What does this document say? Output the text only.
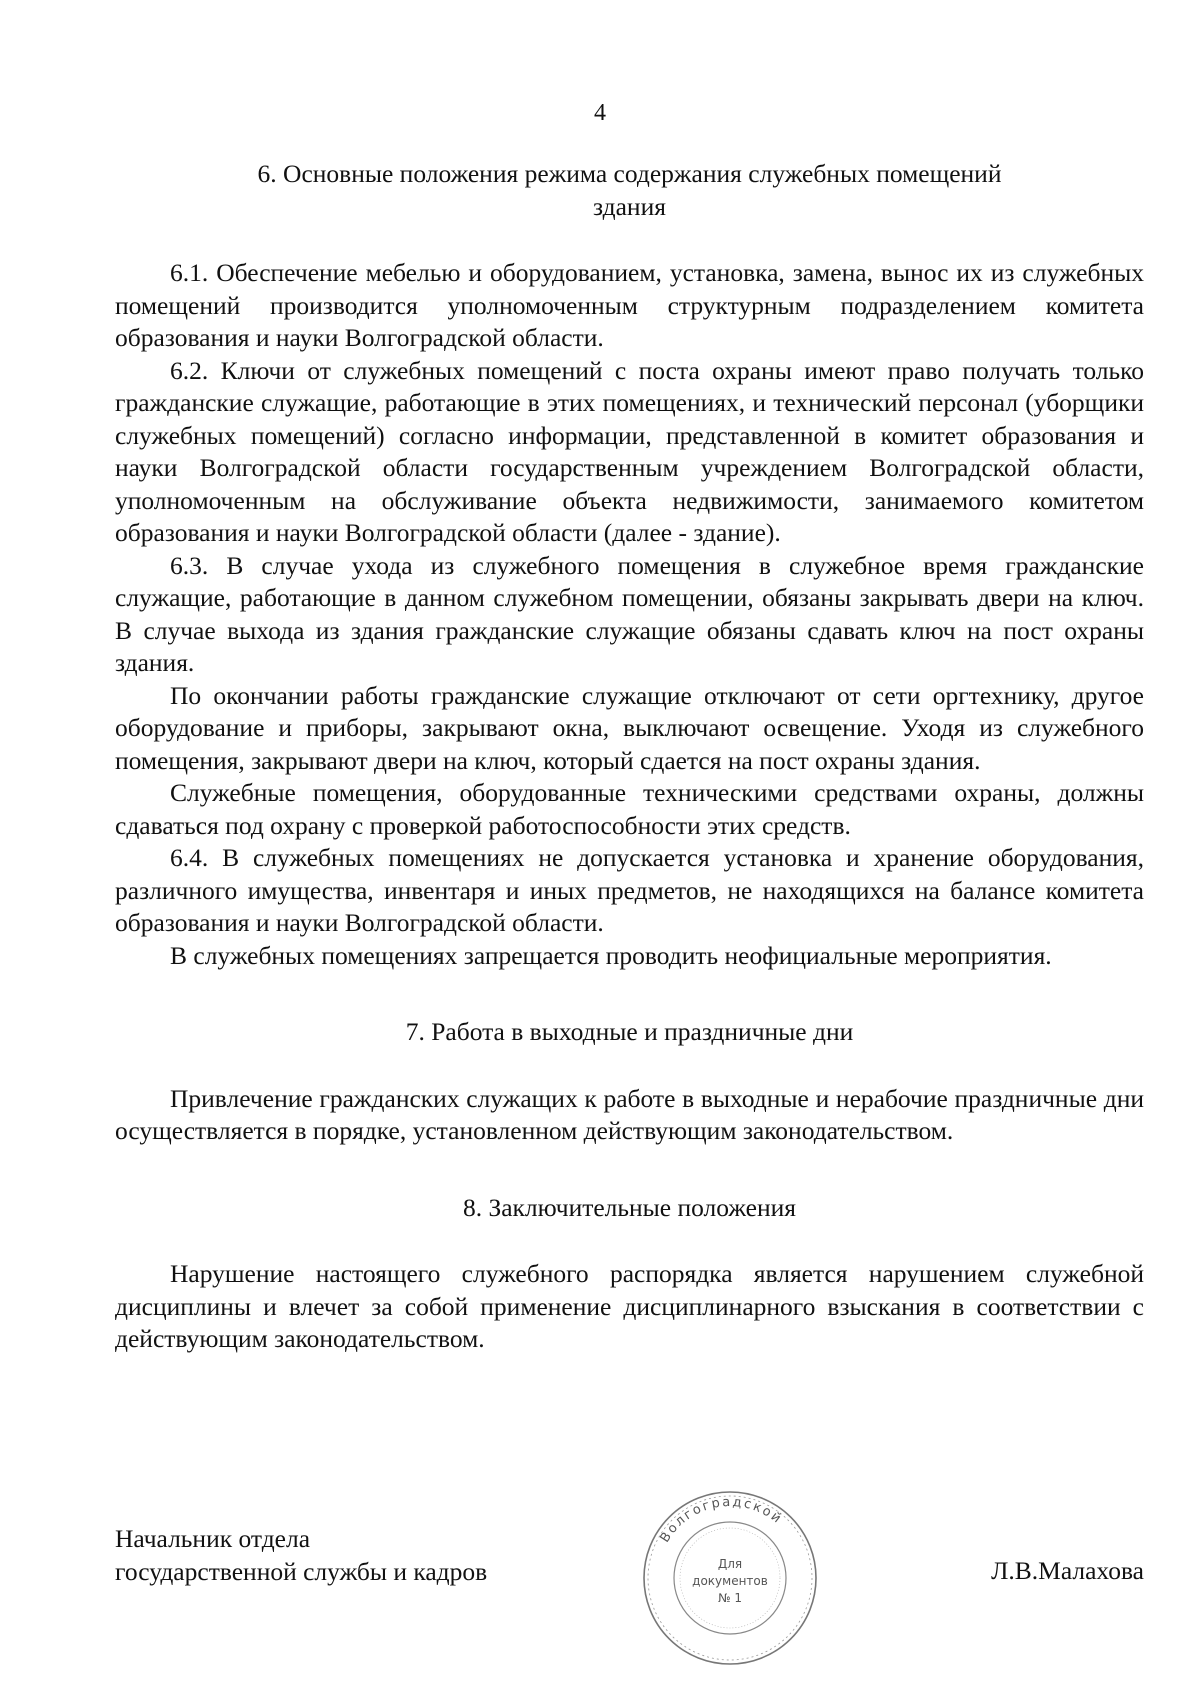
4
6. Основные положения режима содержания служебных помещений
здания

6.1. Обеспечение мебелью и оборудованием, установка, замена, вынос их из служебных помещений производится уполномоченным структурным подразделением комитета образования и науки Волгоградской области.

6.2. Ключи от служебных помещений с поста охраны имеют право получать только гражданские служащие, работающие в этих помещениях, и технический персонал (уборщики служебных помещений) согласно информации, представленной в комитет образования и науки Волгоградской области государственным учреждением Волгоградской области, уполномоченным на обслуживание объекта недвижимости, занимаемого комитетом образования и науки Волгоградской области (далее - здание).

6.3. В случае ухода из служебного помещения в служебное время гражданские служащие, работающие в данном служебном помещении, обязаны закрывать двери на ключ. В случае выхода из здания гражданские служащие обязаны сдавать ключ на пост охраны здания.

По окончании работы гражданские служащие отключают от сети оргтехнику, другое оборудование и приборы, закрывают окна, выключают освещение. Уходя из служебного помещения, закрывают двери на ключ, который сдается на пост охраны здания.

Служебные помещения, оборудованные техническими средствами охраны, должны сдаваться под охрану с проверкой работоспособности этих средств.

6.4. В служебных помещениях не допускается установка и хранение оборудования, различного имущества, инвентаря и иных предметов, не находящихся на балансе комитета образования и науки Волгоградской области.

В служебных помещениях запрещается проводить неофициальные мероприятия.

7. Работа в выходные и праздничные дни

Привлечение гражданских служащих к работе в выходные и нерабочие праздничные дни осуществляется в порядке, установленном действующим законодательством.

8. Заключительные положения

Нарушение настоящего служебного распорядка является нарушением служебной дисциплины и влечет за собой применение дисциплинарного взыскания в соответствии с действующим законодательством.

Начальник отдела
государственной службы и кадров	Л.В.Малахова
Волгоградской
Для
документов
№ 1
